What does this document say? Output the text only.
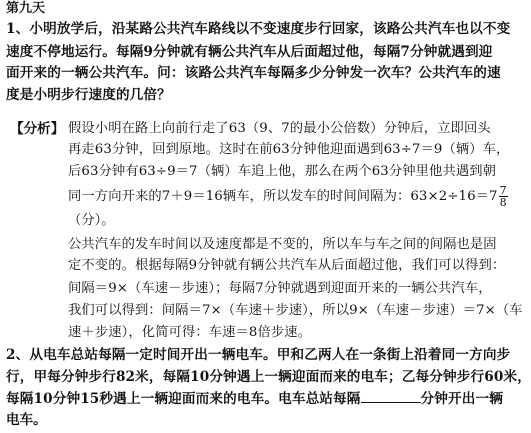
第九天
1、小明放学后，沿某路公共汽车路线以不变速度步行回家，该路公共汽车也以不变
速度不停地运行。每隔9分钟就有辆公共汽车从后面超过他，每隔7分钟就遇到迎
面开来的一辆公共汽车。问：该路公共汽车每隔多少分钟发一次车？公共汽车的速
度是小明步行速度的几倍？
【分析】 假设小明在路上向前行走了63（9、7的最小公倍数）分钟后，立即回头
再走63分钟，回到原地。这时在前63分钟他迎面遇到63÷7＝9（辆）车，
后63分钟有63÷9＝7（辆）车追上他，那么在两个63分钟里他共遇到朝
同一方向开来的7＋9＝16辆车，所以发车的时间间隔为：$63\times 2\div 16=7 \frac{7}{8}$
（分）。
公共汽车的发车时间以及速度都是不变的，所以车与车之间的间隔也是固
定不变的。根据每隔9分钟就有辆公共汽车从后面超过他，我们可以得到：
间隔＝9×（车速－步速）；每隔7分钟就遇到迎面开来的一辆公共汽车，
我们可以得到：间隔＝7×（车速＋步速），所以9×（车速－步速）＝7×（车
速＋步速），化简可得：车速＝8倍步速。
2、从电车总站每隔一定时间开出一辆电车。甲和乙两人在一条街上沿着同一方向步
行，甲每分钟步行82米，每隔10分钟遇上一辆迎面而来的电车；乙每分钟步行60米，
每隔10分钟15秒遇上一辆迎面而来的电车。电车总站每隔	分钟开出一辆
电车。
